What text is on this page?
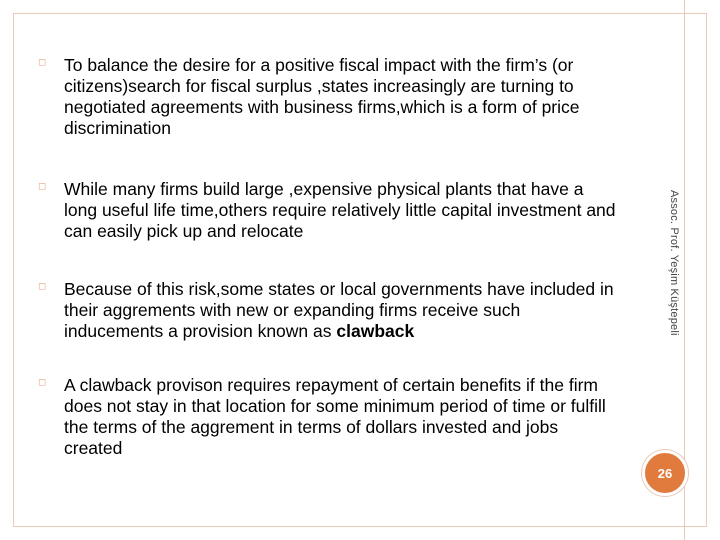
◻ To balance the desire for a positive fiscal impact with the firm’s (or citizens)search for fiscal surplus ,states increasingly are turning to negotiated agreements with business firms,which is a form of price discrimination
◻ While many firms build large ,expensive physical plants that have a long useful life time,others require relatively little capital investment and can easily pick up and relocate
◻ Because of this risk,some states or local governments have included in their aggrements with new or expanding firms receive such inducements a provision known as clawback
◻ A clawback provison requires repayment of certain benefits if the firm does not stay in that location for some minimum period of time or fulfill the terms of the aggrement in terms of dollars invested and jobs created
Assoc. Prof. Yeşim Küştepeli
26
